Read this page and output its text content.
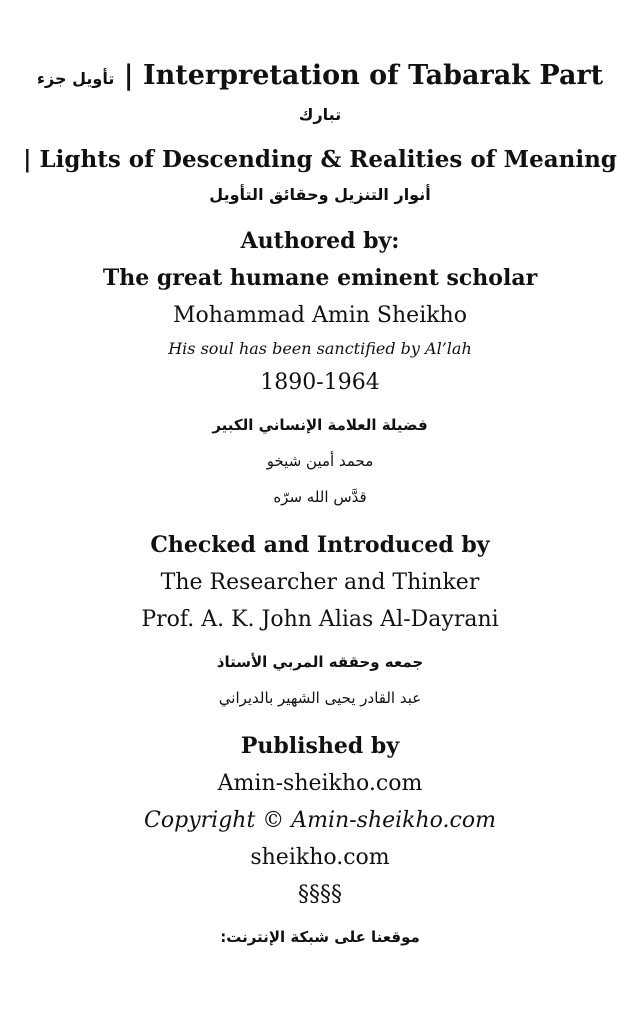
تأويل جزء | Interpretation of Tabarak Part

تبارك

| Lights of Descending & Realities of Meaning

أنوار التنزيل وحقائق التأويل

Authored by:

The great humane eminent scholar

Mohammad Amin Sheikho

His soul has been sanctified by Al’lah

1890-1964

فضيلة العلامة الإنساني الكبير

محمد أمين شيخو

قدَّس الله سرّه

Checked and Introduced by

The Researcher and Thinker

Prof. A. K. John Alias Al-Dayrani

جمعه وحققه المربي الأستاذ

عبد القادر يحيى الشهير بالديراني

Published by

Amin-sheikho.com

Copyright © Amin-sheikho.com

sheikho.com

§§§§

موقعنا على شبكة الإنترنت:
